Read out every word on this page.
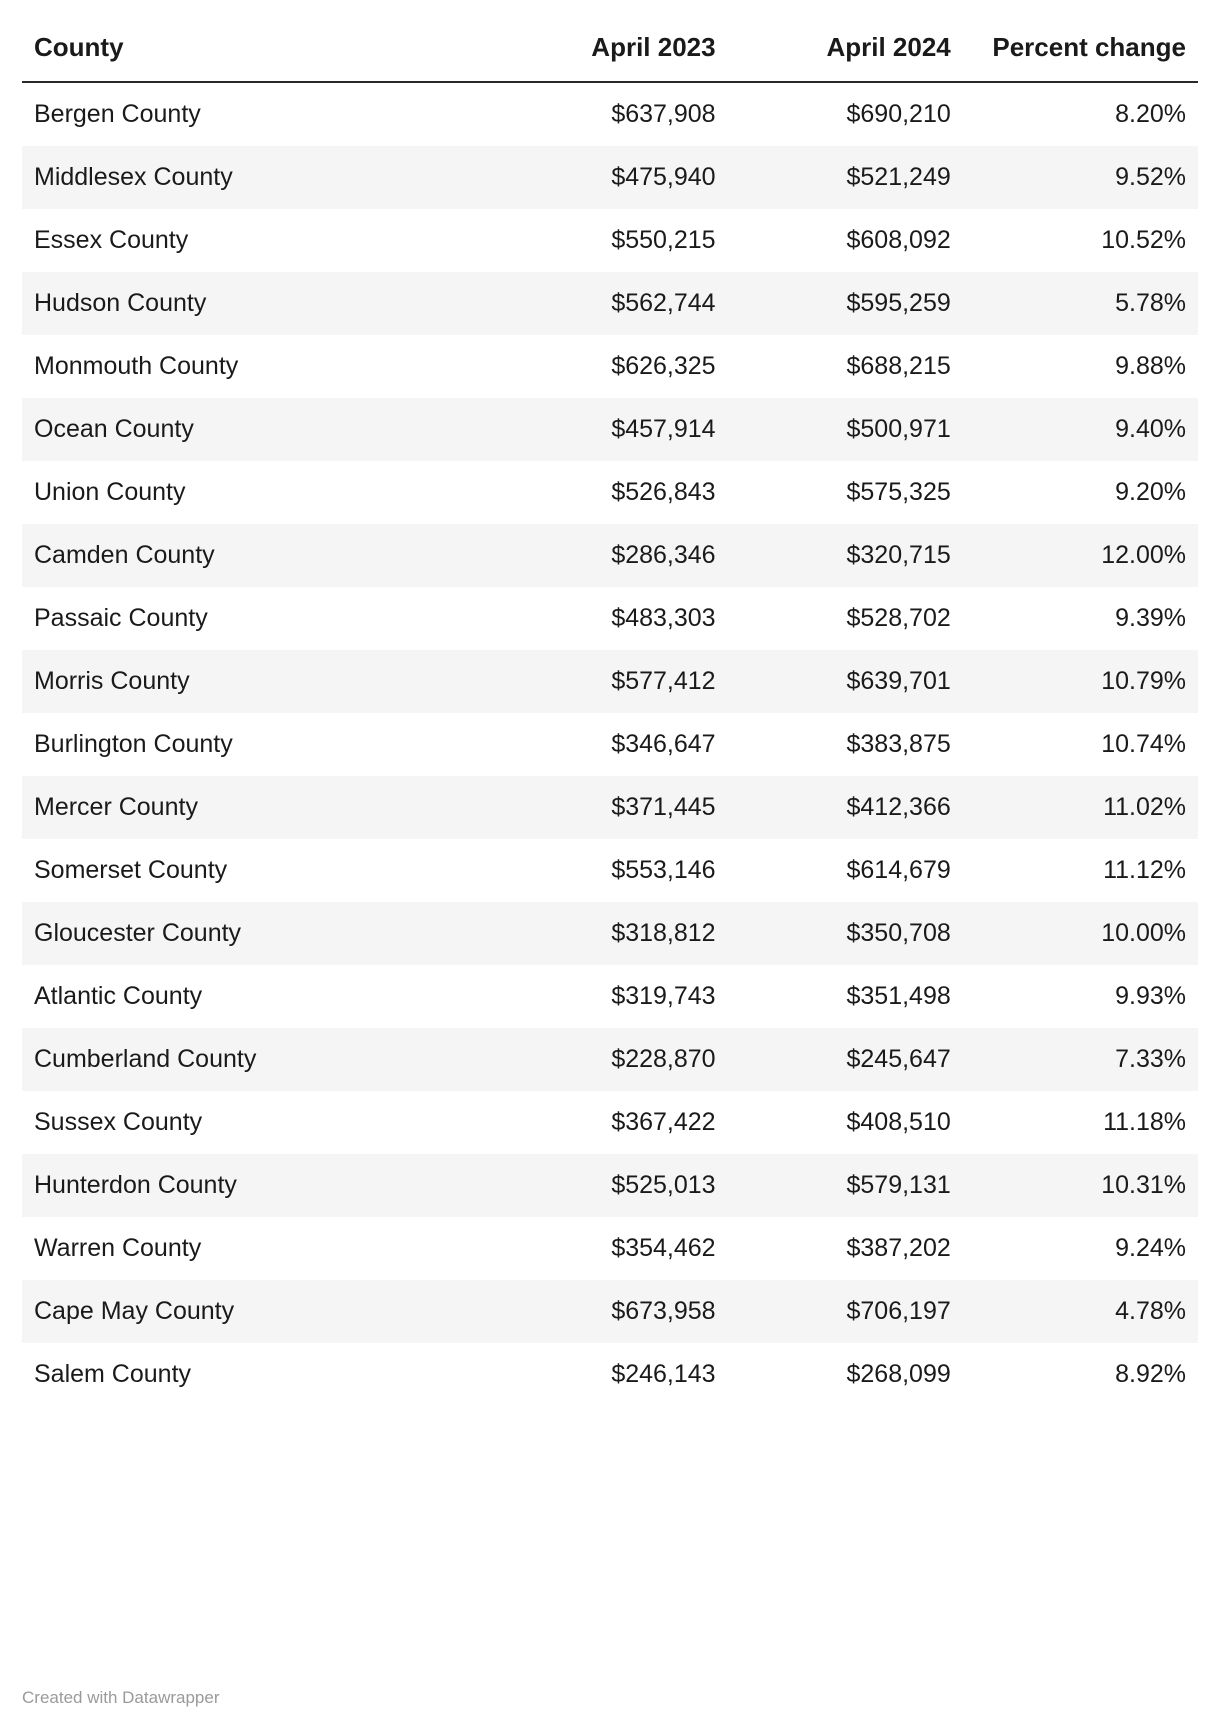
County	April 2023	April 2024	Percent change
Bergen County	$637,908	$690,210	8.20%
Middlesex County	$475,940	$521,249	9.52%
Essex County	$550,215	$608,092	10.52%
Hudson County	$562,744	$595,259	5.78%
Monmouth County	$626,325	$688,215	9.88%
Ocean County	$457,914	$500,971	9.40%
Union County	$526,843	$575,325	9.20%
Camden County	$286,346	$320,715	12.00%
Passaic County	$483,303	$528,702	9.39%
Morris County	$577,412	$639,701	10.79%
Burlington County	$346,647	$383,875	10.74%
Mercer County	$371,445	$412,366	11.02%
Somerset County	$553,146	$614,679	11.12%
Gloucester County	$318,812	$350,708	10.00%
Atlantic County	$319,743	$351,498	9.93%
Cumberland County	$228,870	$245,647	7.33%
Sussex County	$367,422	$408,510	11.18%
Hunterdon County	$525,013	$579,131	10.31%
Warren County	$354,462	$387,202	9.24%
Cape May County	$673,958	$706,197	4.78%
Salem County	$246,143	$268,099	8.92%
Created with Datawrapper
